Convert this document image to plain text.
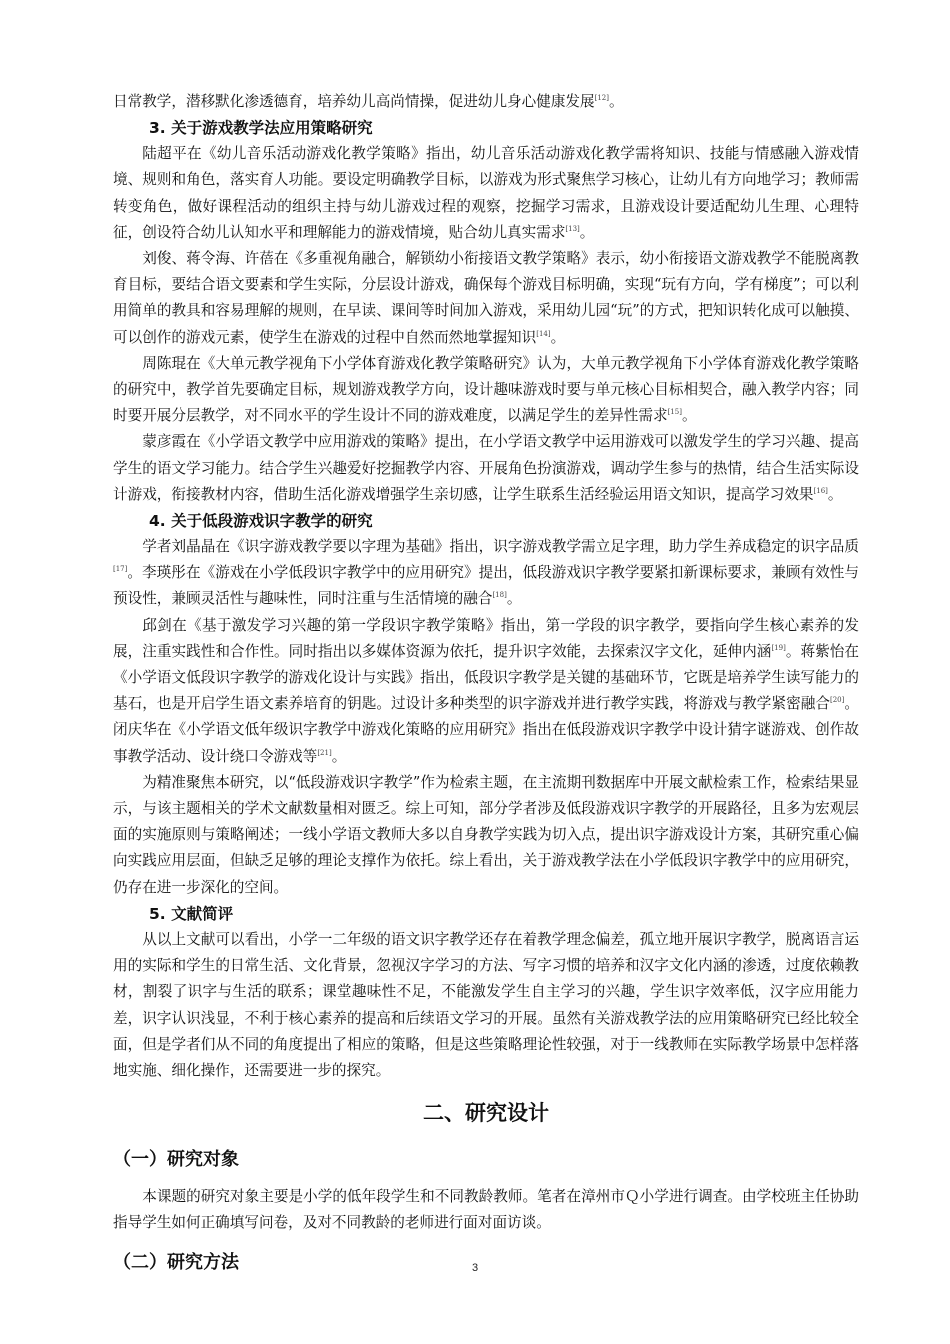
日常教学，潜移默化渗透德育，培养幼儿高尚情操，促进幼儿身心健康发展[12]。

3. 关于游戏教学法应用策略研究

陆超平在《幼儿音乐活动游戏化教学策略》指出，幼儿音乐活动游戏化教学需将知识、技能与情感融入游戏情境、规则和角色，落实育人功能。要设定明确教学目标，以游戏为形式聚焦学习核心，让幼儿有方向地学习；教师需转变角色，做好课程活动的组织主持与幼儿游戏过程的观察，挖掘学习需求，且游戏设计要适配幼儿生理、心理特征，创设符合幼儿认知水平和理解能力的游戏情境，贴合幼儿真实需求[13]。

刘俊、蒋令海、许蓓在《多重视角融合，解锁幼小衔接语文教学策略》表示，幼小衔接语文游戏教学不能脱离教育目标，要结合语文要素和学生实际，分层设计游戏，确保每个游戏目标明确，实现“玩有方向，学有梯度”；可以利用简单的教具和容易理解的规则，在早读、课间等时间加入游戏，采用幼儿园“玩”的方式，把知识转化成可以触摸、可以创作的游戏元素，使学生在游戏的过程中自然而然地掌握知识[14]。

周陈琨在《大单元教学视角下小学体育游戏化教学策略研究》认为，大单元教学视角下小学体育游戏化教学策略的研究中，教学首先要确定目标，规划游戏教学方向，设计趣味游戏时要与单元核心目标相契合，融入教学内容；同时要开展分层教学，对不同水平的学生设计不同的游戏难度，以满足学生的差异性需求[15]。

蒙彦霞在《小学语文教学中应用游戏的策略》提出，在小学语文教学中运用游戏可以激发学生的学习兴趣、提高学生的语文学习能力。结合学生兴趣爱好挖掘教学内容、开展角色扮演游戏，调动学生参与的热情，结合生活实际设计游戏，衔接教材内容，借助生活化游戏增强学生亲切感，让学生联系生活经验运用语文知识，提高学习效果[16]。

4. 关于低段游戏识字教学的研究

学者刘晶晶在《识字游戏教学要以字理为基础》指出，识字游戏教学需立足字理，助力学生养成稳定的识字品质[17]。李瑛彤在《游戏在小学低段识字教学中的应用研究》提出，低段游戏识字教学要紧扣新课标要求，兼顾有效性与预设性，兼顾灵活性与趣味性，同时注重与生活情境的融合[18]。

邱剑在《基于激发学习兴趣的第一学段识字教学策略》指出，第一学段的识字教学，要指向学生核心素养的发展，注重实践性和合作性。同时指出以多媒体资源为依托，提升识字效能，去探索汉字文化，延伸内涵[19]。蒋紫怡在《小学语文低段识字教学的游戏化设计与实践》指出，低段识字教学是关键的基础环节，它既是培养学生读写能力的基石，也是开启学生语文素养培育的钥匙。过设计多种类型的识字游戏并进行教学实践，将游戏与教学紧密融合[20]。闭庆华在《小学语文低年级识字教学中游戏化策略的应用研究》指出在低段游戏识字教学中设计猜字谜游戏、创作故事教学活动、设计绕口令游戏等[21]。

为精准聚焦本研究，以“低段游戏识字教学”作为检索主题，在主流期刊数据库中开展文献检索工作，检索结果显示，与该主题相关的学术文献数量相对匮乏。综上可知，部分学者涉及低段游戏识字教学的开展路径，且多为宏观层面的实施原则与策略阐述；一线小学语文教师大多以自身教学实践为切入点，提出识字游戏设计方案，其研究重心偏向实践应用层面，但缺乏足够的理论支撑作为依托。综上看出，关于游戏教学法在小学低段识字教学中的应用研究，仍存在进一步深化的空间。

5. 文献简评

从以上文献可以看出，小学一二年级的语文识字教学还存在着教学理念偏差，孤立地开展识字教学，脱离语言运用的实际和学生的日常生活、文化背景，忽视汉字学习的方法、写字习惯的培养和汉字文化内涵的渗透，过度依赖教材，割裂了识字与生活的联系；课堂趣味性不足，不能激发学生自主学习的兴趣，学生识字效率低，汉字应用能力差，识字认识浅显，不利于核心素养的提高和后续语文学习的开展。虽然有关游戏教学法的应用策略研究已经比较全面，但是学者们从不同的角度提出了相应的策略，但是这些策略理论性较强，对于一线教师在实际教学场景中怎样落地实施、细化操作，还需要进一步的探究。

二、研究设计
（一）研究对象

本课题的研究对象主要是小学的低年段学生和不同教龄教师。笔者在漳州市Ｑ小学进行调查。由学校班主任协助指导学生如何正确填写问卷，及对不同教龄的老师进行面对面访谈。

（二）研究方法	3
